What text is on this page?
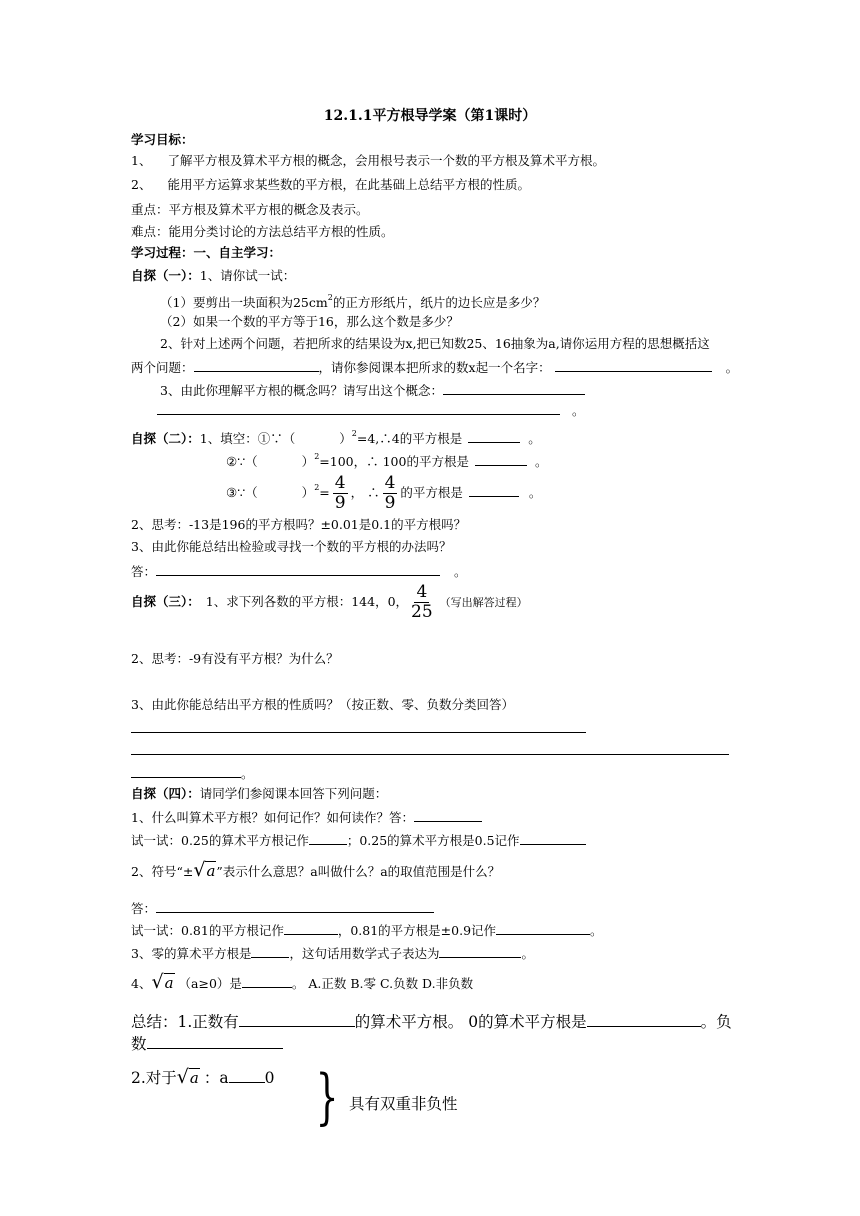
12.1.1平方根导学案（第1课时）
学习目标：
1、 了解平方根及算术平方根的概念，会用根号表示一个数的平方根及算术平方根。
2、 能用平方运算求某些数的平方根，在此基础上总结平方根的性质。
重点：平方根及算术平方根的概念及表示。
难点：能用分类讨论的方法总结平方根的性质。
学习过程：一、自主学习：
自探（一）：1、请你试一试：
（1）要剪出一块面积为$25cm^2$的正方形纸片，纸片的边长应是多少？
（2）如果一个数的平方等于16，那么这个数是多少？
2、针对上述两个问题，若把所求的结果设为x,把已知数25、16抽象为a,请你运用方程的思想概括这
两个问题：	，请你参阅课本把所求的数x起一个名字：	。
3、由此你理解平方根的概念吗？请写出这个概念：
。
自探（二）：1、填空：①∵（	）$^2$=4,∴4的平方根是	。
②∵（	）$^2$=100，∴ 100的平方根是	。
③∵（	）$^2= \frac{4}{9}$ ， ∴ $\frac{4}{9}$ 的平方根是	。
2、思考：-13是196的平方根吗？±0.01是0.1的平方根吗？
3、由此你能总结出检验或寻找一个数的平方根的办法吗？
答：	。
自探（三）： 1、求下列各数的平方根：144，0， $\frac{4}{25}$ （写出解答过程）
2、思考：-9有没有平方根？为什么？
3、由此你能总结出平方根的性质吗？（按正数、零、负数分类回答）
。
自探（四）：请同学们参阅课本回答下列问题：
1、什么叫算术平方根？如何记作？如何读作？答：
试一试：0.25的算术平方根记作	；0.25的算术平方根是0.5记作
2、符号“±√a”表示什么意思？a叫做什么？a的取值范围是什么？
答：
试一试：0.81的平方根记作	，0.81的平方根是±0.9记作	。
3、零的算术平方根是	，这句话用数学式子表达为	。
4、√a （a≥0）是	。 A.正数 B.零 C.负数 D.非负数
总结：1.正数有	的算术平方根。 0的算术平方根是	。负
数
2.对于√a ：a 0 } 具有双重非负性
